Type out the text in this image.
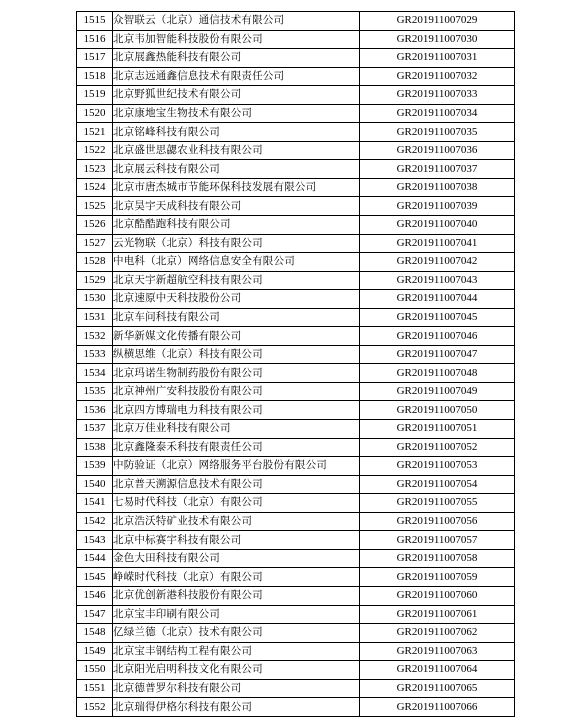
1515	众智联云（北京）通信技术有限公司	GR201911007029
1516	北京韦加智能科技股份有限公司	GR201911007030
1517	北京展鑫热能科技有限公司	GR201911007031
1518	北京志远通鑫信息技术有限责任公司	GR201911007032
1519	北京野狐世纪技术有限公司	GR201911007033
1520	北京康地宝生物技术有限公司	GR201911007034
1521	北京铭峰科技有限公司	GR201911007035
1522	北京盛世思勰农业科技有限公司	GR201911007036
1523	北京展云科技有限公司	GR201911007037
1524	北京市唐杰城市节能环保科技发展有限公司	GR201911007038
1525	北京昊宇天成科技有限公司	GR201911007039
1526	北京酷酷跑科技有限公司	GR201911007040
1527	云光物联（北京）科技有限公司	GR201911007041
1528	中电科（北京）网络信息安全有限公司	GR201911007042
1529	北京天宇新超航空科技有限公司	GR201911007043
1530	北京速原中天科技股份公司	GR201911007044
1531	北京车问科技有限公司	GR201911007045
1532	新华新媒文化传播有限公司	GR201911007046
1533	纵横思维（北京）科技有限公司	GR201911007047
1534	北京玛诺生物制药股份有限公司	GR201911007048
1535	北京神州广安科技股份有限公司	GR201911007049
1536	北京四方博瑞电力科技有限公司	GR201911007050
1537	北京万佳业科技有限公司	GR201911007051
1538	北京鑫隆泰禾科技有限责任公司	GR201911007052
1539	中防验证（北京）网络服务平台股份有限公司	GR201911007053
1540	北京普天溯源信息技术有限公司	GR201911007054
1541	七易时代科技（北京）有限公司	GR201911007055
1542	北京浩沃特矿业技术有限公司	GR201911007056
1543	北京中标赛宇科技有限公司	GR201911007057
1544	金色大田科技有限公司	GR201911007058
1545	峥嵘时代科技（北京）有限公司	GR201911007059
1546	北京优创新港科技股份有限公司	GR201911007060
1547	北京宝丰印刷有限公司	GR201911007061
1548	亿绿兰德（北京）技术有限公司	GR201911007062
1549	北京宝丰钢结构工程有限公司	GR201911007063
1550	北京阳光启明科技文化有限公司	GR201911007064
1551	北京德普罗尔科技有限公司	GR201911007065
1552	北京瑞得伊格尔科技有限公司	GR201911007066
